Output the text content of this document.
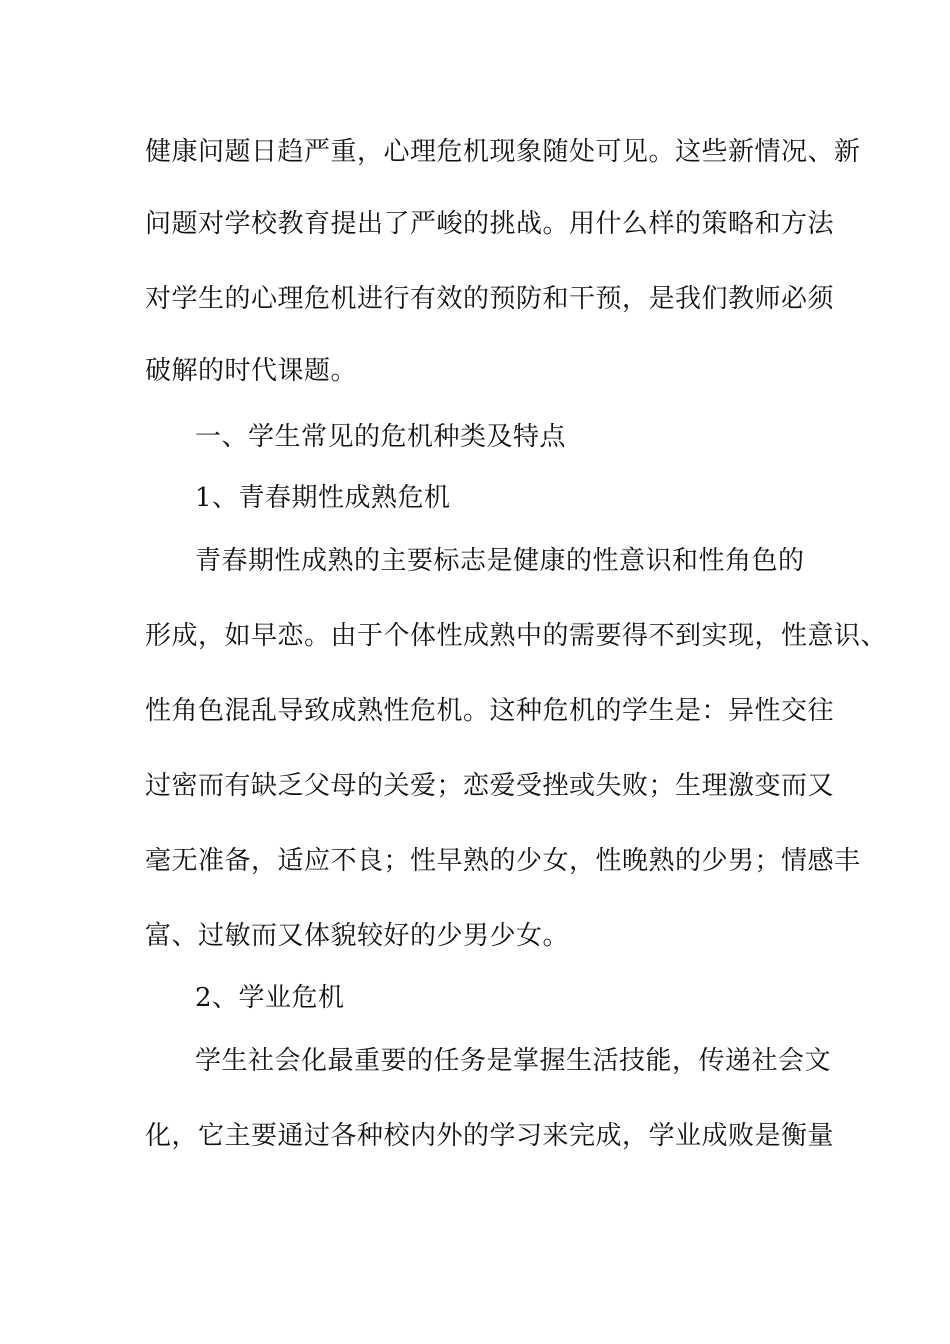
健康问题日趋严重，心理危机现象随处可见。这些新情况、新
问题对学校教育提出了严峻的挑战。用什么样的策略和方法
对学生的心理危机进行有效的预防和干预，是我们教师必须
破解的时代课题。
一、学生常见的危机种类及特点
1、青春期性成熟危机
青春期性成熟的主要标志是健康的性意识和性角色的
形成，如早恋。由于个体性成熟中的需要得不到实现，性意识、
性角色混乱导致成熟性危机。这种危机的学生是：异性交往
过密而有缺乏父母的关爱；恋爱受挫或失败；生理激变而又
毫无准备，适应不良；性早熟的少女，性晚熟的少男；情感丰
富、过敏而又体貌较好的少男少女。
2、学业危机
学生社会化最重要的任务是掌握生活技能，传递社会文
化，它主要通过各种校内外的学习来完成，学业成败是衡量
